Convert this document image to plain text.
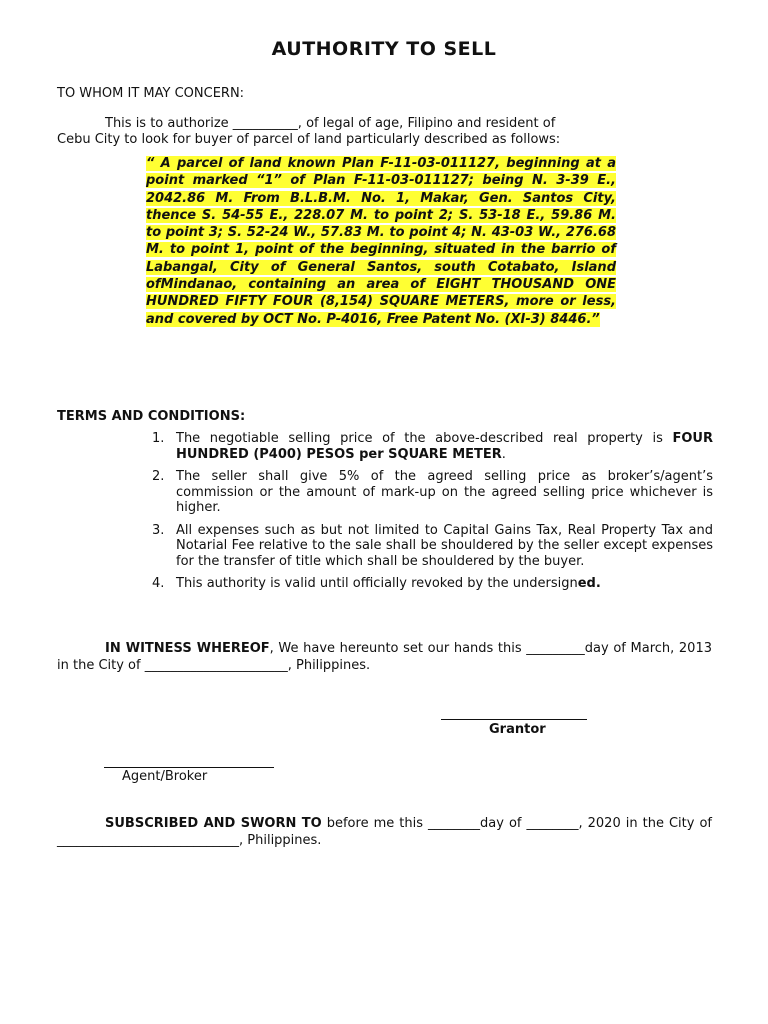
AUTHORITY TO SELL
TO WHOM IT MAY CONCERN:
This is to authorize __________, of legal of age, Filipino and resident of
Cebu City to look for buyer of parcel of land particularly described as follows:
“ A parcel of land known Plan F-11-03-011127, beginning at a point marked “1” of Plan F-11-03-011127; being N. 3-39 E., 2042.86 M. From B.L.B.M. No. 1, Makar, Gen. Santos City, thence S. 54-55 E., 228.07 M. to point 2; S. 53-18 E., 59.86 M. to point 3; S. 52-24 W., 57.83 M. to point 4; N. 43-03 W., 276.68 M. to point 1, point of the beginning, situated in the barrio of Labangal, City of General Santos, south Cotabato, Island ofMindanao, containing an area of EIGHT THOUSAND ONE HUNDRED FIFTY FOUR (8,154) SQUARE METERS, more or less, and covered by OCT No. P-4016, Free Patent No. (XI-3) 8446.”
TERMS AND CONDITIONS:
1. The negotiable selling price of the above-described real property is FOUR HUNDRED (P400) PESOS per SQUARE METER.
2. The seller shall give 5% of the agreed selling price as broker’s/agent’s commission or the amount of mark-up on the agreed selling price whichever is higher.
3. All expenses such as but not limited to Capital Gains Tax, Real Property Tax and Notarial Fee relative to the sale shall be shouldered by the seller except expenses for the transfer of title which shall be shouldered by the buyer.
4. This authority is valid until officially revoked by the undersigned.
IN WITNESS WHEREOF, We have hereunto set our hands this _________day of March, 2013 in the City of ______________________, Philippines.
Grantor
Agent/Broker
SUBSCRIBED AND SWORN TO before me this ________day of ________, 2020 in the City of ____________________________, Philippines.
